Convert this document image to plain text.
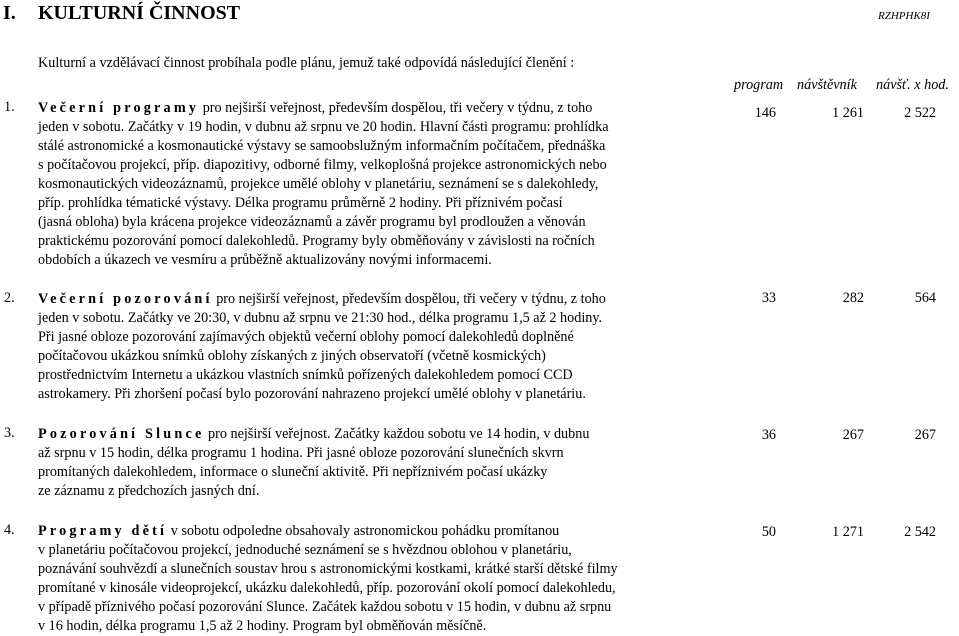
I. KULTURNÍ ČINNOST	RZHPHK8I
Kulturní a vzdělávací činnost probíhala podle plánu, jemuž také odpovídá následující členění :
program návštěvník návšť. x hod.
1. Večerní programy pro nejširší veřejnost, především dospělou, tři večery v týdnu, z toho
jeden v sobotu. Začátky v 19 hodin, v dubnu až srpnu ve 20 hodin. Hlavní části programu: prohlídka
stálé astronomické a kosmonautické výstavy se samoobslužným informačním počítačem, přednáška
s počítačovou projekcí, příp. diapozitivy, odborné filmy, velkoplošná projekce astronomických nebo
kosmonautických videozáznamů, projekce umělé oblohy v planetáriu, seznámení se s dalekohledy,
příp. prohlídka tématické výstavy. Délka programu průměrně 2 hodiny. Při příznivém počasí
(jasná obloha) byla krácena projekce videozáznamů a závěr programu byl prodloužen a věnován
praktickému pozorování pomocí dalekohledů. Programy byly obměňovány v závislosti na ročních
obdobích a úkazech ve vesmíru a průběžně aktualizovány novými informacemi.
146	1 261	2 522
2. Večerní pozorování pro nejširší veřejnost, především dospělou, tři večery v týdnu, z toho
jeden v sobotu. Začátky ve 20:30, v dubnu až srpnu ve 21:30 hod., délka programu 1,5 až 2 hodiny.
Při jasné obloze pozorování zajímavých objektů večerní oblohy pomocí dalekohledů doplněné
počítačovou ukázkou snímků oblohy získaných z jiných observatoří (včetně kosmických)
prostřednictvím Internetu a ukázkou vlastních snímků pořízených dalekohledem pomocí CCD
astrokamery. Při zhoršení počasí bylo pozorování nahrazeno projekcí umělé oblohy v planetáriu.
33	282	564
3. Pozorování Slunce pro nejširší veřejnost. Začátky každou sobotu ve 14 hodin, v dubnu
až srpnu v 15 hodin, délka programu 1 hodina. Při jasné obloze pozorování slunečních skvrn
promítaných dalekohledem, informace o sluneční aktivitě. Při nepříznivém počasí ukázky
ze záznamu z předchozích jasných dní.
36	267	267
4. Programy dětí v sobotu odpoledne obsahovaly astronomickou pohádku promítanou
v planetáriu počítačovou projekcí, jednoduché seznámení se s hvězdnou oblohou v planetáriu,
poznávání souhvězdí a slunečních soustav hrou s astronomickými kostkami, krátké starší dětské filmy
promítané v kinosále videoprojekcí, ukázku dalekohledů, příp. pozorování okolí pomocí dalekohledu,
v případě příznivého počasí pozorování Slunce. Začátek každou sobotu v 15 hodin, v dubnu až srpnu
v 16 hodin, délka programu 1,5 až 2 hodiny. Program byl obměňován měsíčně.
50	1 271	2 542
